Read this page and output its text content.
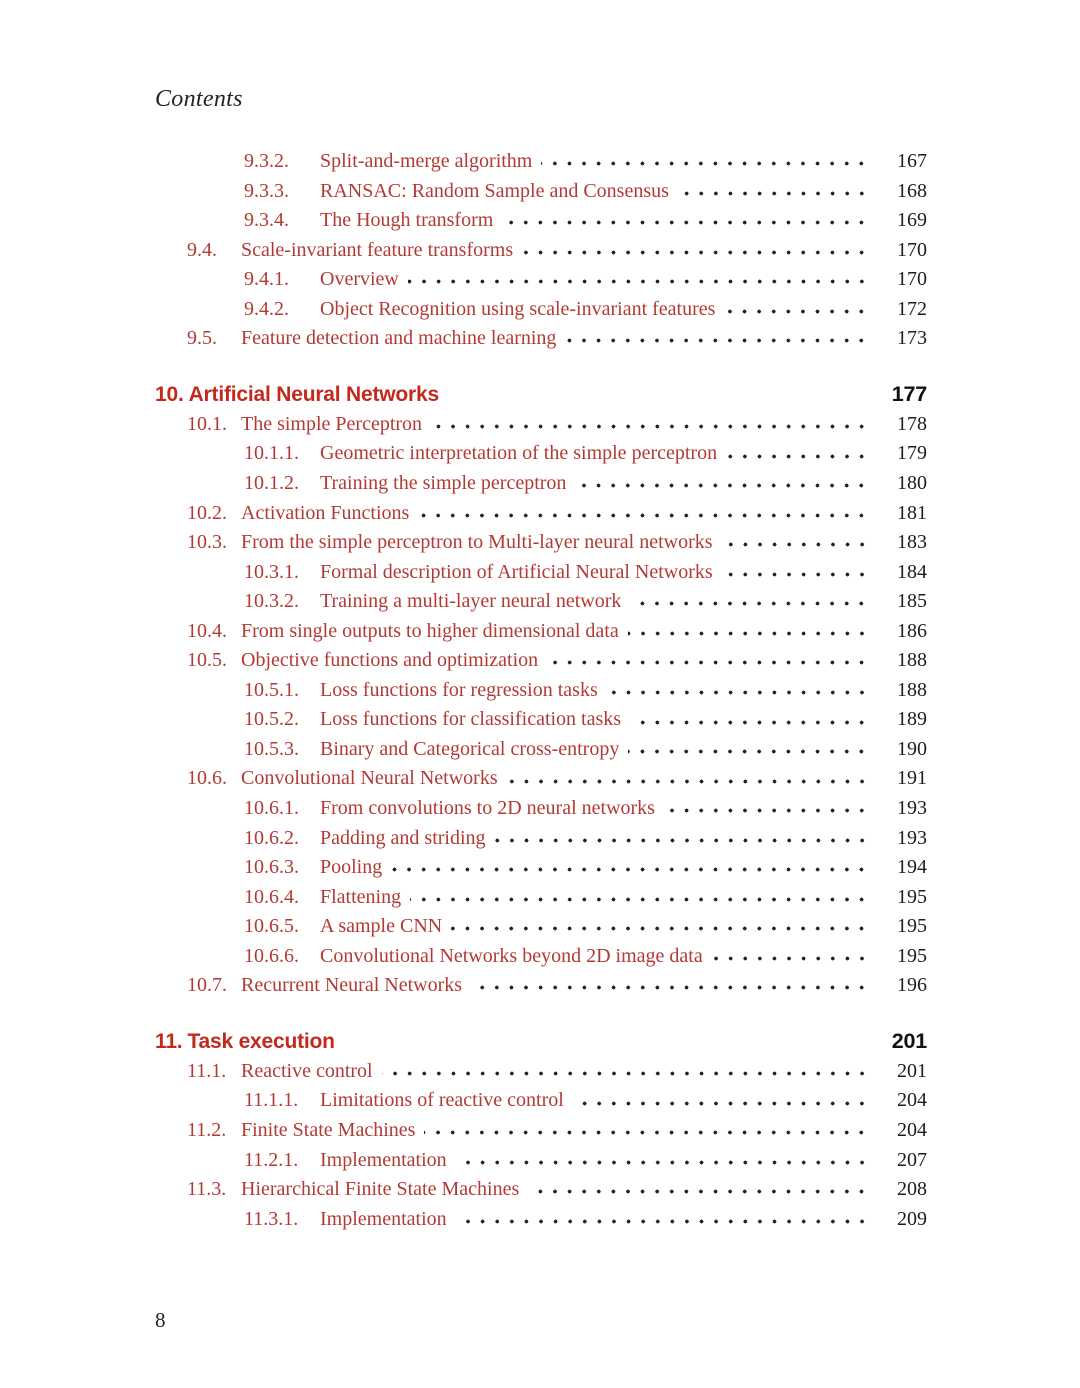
Contents
9.3.2.	Split-and-merge algorithm	167
9.3.3.	RANSAC: Random Sample and Consensus	168
9.3.4.	The Hough transform	169
9.4.	Scale-invariant feature transforms	170
9.4.1.	Overview	170
9.4.2.	Object Recognition using scale-invariant features	172
9.5.	Feature detection and machine learning	173
10. Artificial Neural Networks	177
10.1. The simple Perceptron	178
10.1.1.	Geometric interpretation of the simple perceptron	179
10.1.2.	Training the simple perceptron	180
10.2. Activation Functions	181
10.3. From the simple perceptron to Multi-layer neural networks	183
10.3.1.	Formal description of Artificial Neural Networks	184
10.3.2.	Training a multi-layer neural network	185
10.4. From single outputs to higher dimensional data	186
10.5. Objective functions and optimization	188
10.5.1.	Loss functions for regression tasks	188
10.5.2.	Loss functions for classification tasks	189
10.5.3.	Binary and Categorical cross-entropy	190
10.6. Convolutional Neural Networks	191
10.6.1.	From convolutions to 2D neural networks	193
10.6.2.	Padding and striding	193
10.6.3.	Pooling	194
10.6.4.	Flattening	195
10.6.5.	A sample CNN	195
10.6.6.	Convolutional Networks beyond 2D image data	195
10.7. Recurrent Neural Networks	196
11. Task execution	201
11.1. Reactive control	201
11.1.1.	Limitations of reactive control	204
11.2. Finite State Machines	204
11.2.1.	Implementation	207
11.3. Hierarchical Finite State Machines	208
11.3.1.	Implementation	209
8
